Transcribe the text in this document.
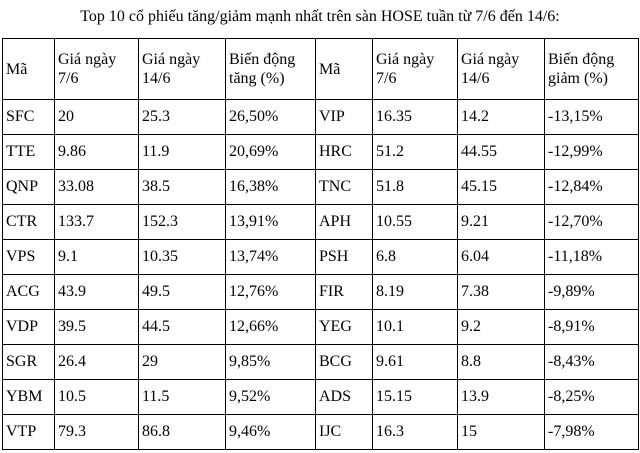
Top 10 cổ phiếu tăng/giảm mạnh nhất trên sàn HOSE tuần từ 7/6 đến 14/6:
Mã	Giá ngày 7/6	Giá ngày 14/6	Biến động tăng (%)	Mã	Giá ngày 7/6	Giá ngày 14/6	Biến động giảm (%)
SFC	20	25.3	26,50%	VIP	16.35	14.2	-13,15%
TTE	9.86	11.9	20,69%	HRC	51.2	44.55	-12,99%
QNP	33.08	38.5	16,38%	TNC	51.8	45.15	-12,84%
CTR	133.7	152.3	13,91%	APH	10.55	9.21	-12,70%
VPS	9.1	10.35	13,74%	PSH	6.8	6.04	-11,18%
ACG	43.9	49.5	12,76%	FIR	8.19	7.38	-9,89%
VDP	39.5	44.5	12,66%	YEG	10.1	9.2	-8,91%
SGR	26.4	29	9,85%	BCG	9.61	8.8	-8,43%
YBM	10.5	11.5	9,52%	ADS	15.15	13.9	-8,25%
VTP	79.3	86.8	9,46%	IJC	16.3	15	-7,98%
